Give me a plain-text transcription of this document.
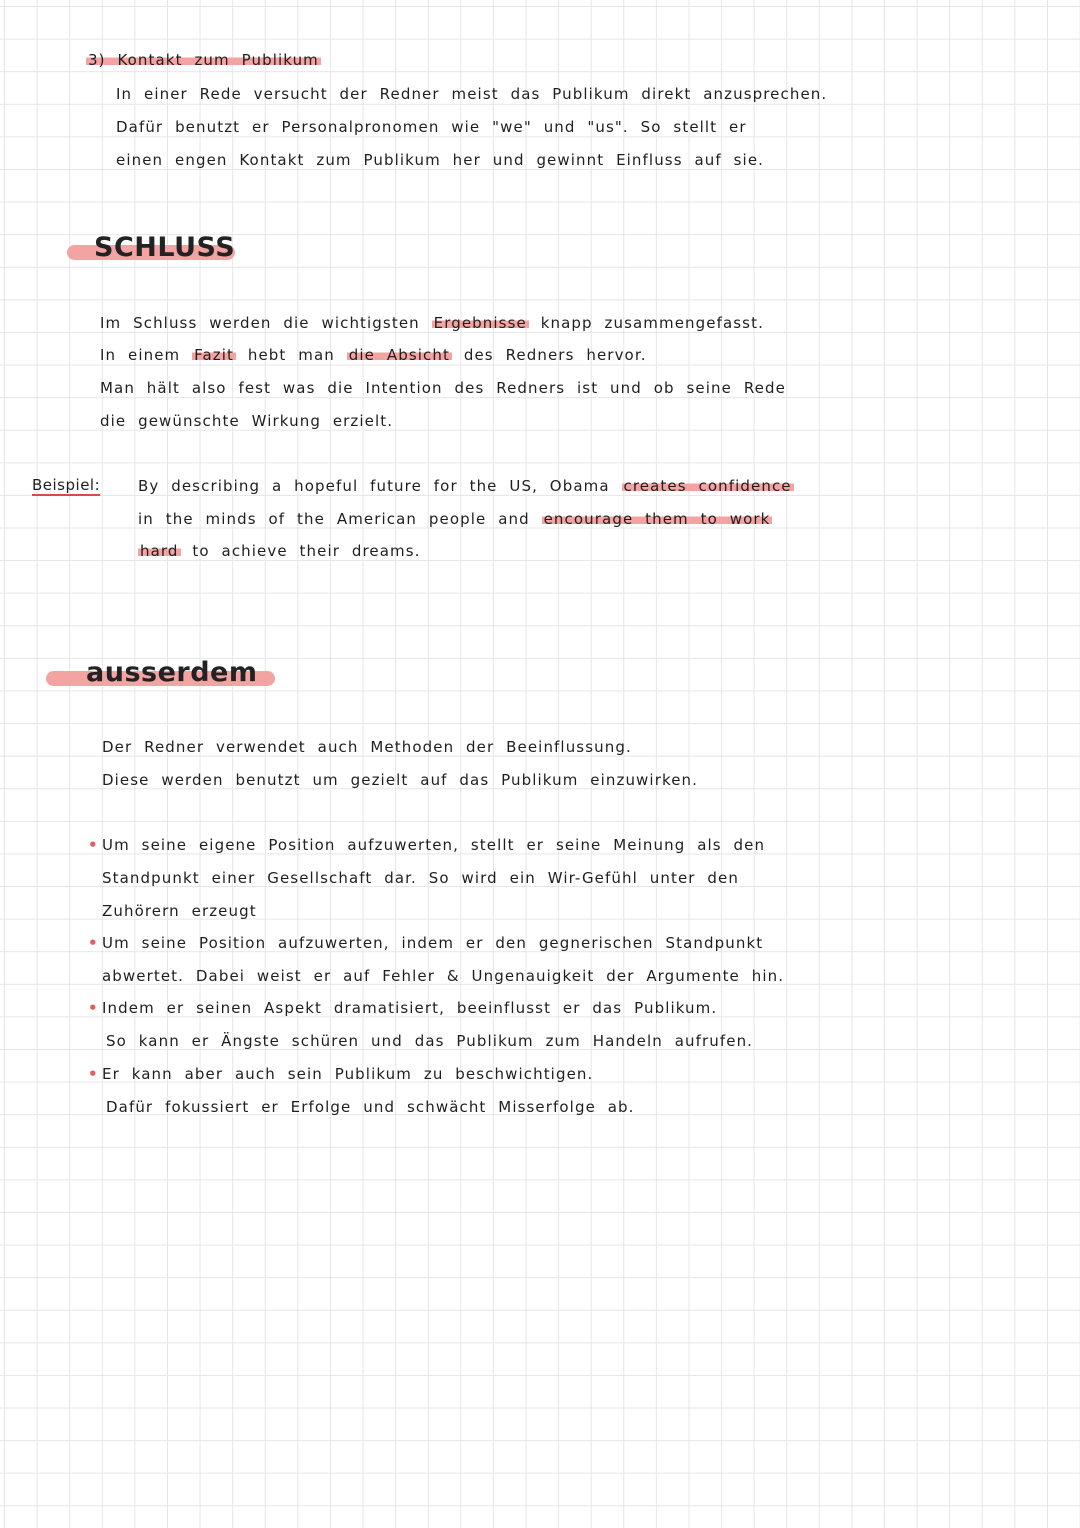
3) Kontakt zum Publikum
In einer Rede versucht der Redner meist das Publikum direkt anzusprechen.
Dafür benutzt er Personalpronomen wie "we" und "us". So stellt er
einen engen Kontakt zum Publikum her und gewinnt Einfluss auf sie.
SCHLUSS
Im Schluss werden die wichtigsten Ergebnisse knapp zusammengefasst.
In einem Fazit hebt man die Absicht des Redners hervor.
Man hält also fest was die Intention des Redners ist und ob seine Rede
die gewünschte Wirkung erzielt.
Beispiel:	By describing a hopeful future for the US, Obama creates confidence
in the minds of the American people and encourage them to work
hard to achieve their dreams.
ausserdem
Der Redner verwendet auch Methoden der Beeinflussung.
Diese werden benutzt um gezielt auf das Publikum einzuwirken.
• Um seine eigene Position aufzuwerten, stellt er seine Meinung als den
Standpunkt einer Gesellschaft dar. So wird ein Wir-Gefühl unter den
Zuhörern erzeugt
• Um seine Position aufzuwerten, indem er den gegnerischen Standpunkt
abwertet. Dabei weist er auf Fehler & Ungenauigkeit der Argumente hin.
• Indem er seinen Aspekt dramatisiert, beeinflusst er das Publikum.
So kann er Ängste schüren und das Publikum zum Handeln aufrufen.
• Er kann aber auch sein Publikum zu beschwichtigen.
Dafür fokussiert er Erfolge und schwächt Misserfolge ab.
